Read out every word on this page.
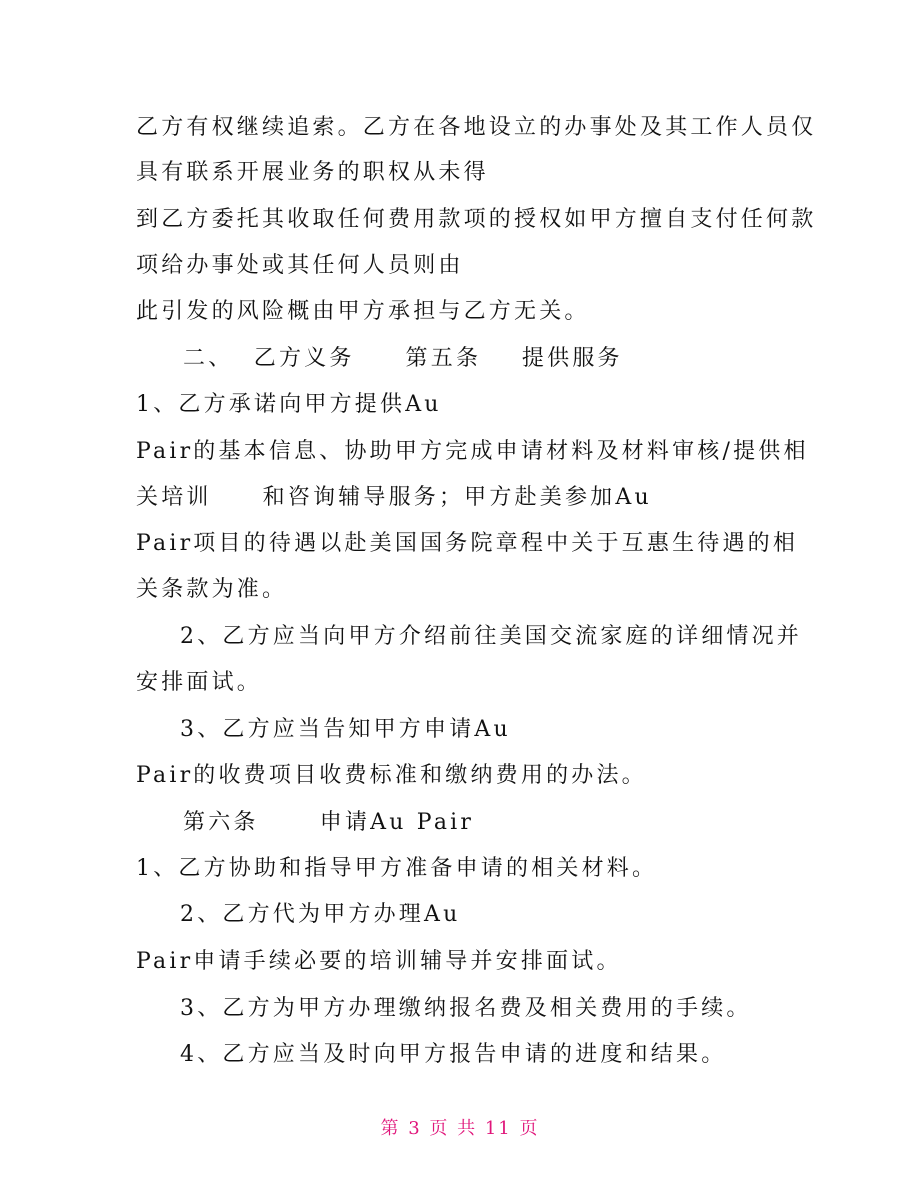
乙方有权继续追索。乙方在各地设立的办事处及其工作人员仅
具有联系开展业务的职权从未得
到乙方委托其收取任何费用款项的授权如甲方擅自支付任何款
项给办事处或其任何人员则由
此引发的风险概由甲方承担与乙方无关。
二、  乙方义务     第五条    提供服务
1、乙方承诺向甲方提供Au
Pair的基本信息、协助甲方完成申请材料及材料审核/提供相
关培训     和咨询辅导服务；甲方赴美参加Au
Pair项目的待遇以赴美国国务院章程中关于互惠生待遇的相
关条款为准。
2、乙方应当向甲方介绍前往美国交流家庭的详细情况并
安排面试。
3、乙方应当告知甲方申请Au
Pair的收费项目收费标准和缴纳费用的办法。
第六条      申请Au Pair
1、乙方协助和指导甲方准备申请的相关材料。
2、乙方代为甲方办理Au
Pair申请手续必要的培训辅导并安排面试。
3、乙方为甲方办理缴纳报名费及相关费用的手续。
4、乙方应当及时向甲方报告申请的进度和结果。
第 3 页 共 11 页
